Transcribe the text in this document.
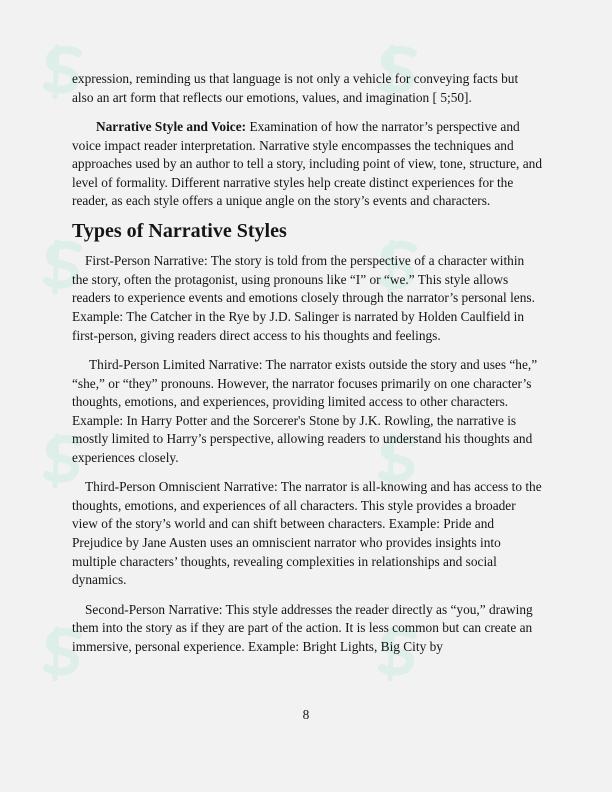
expression, reminding us that language is not only a vehicle for conveying facts but also an art form that reflects our emotions, values, and imagination [ 5;50].

Narrative Style and Voice: Examination of how the narrator’s perspective and voice impact reader interpretation. Narrative style encompasses the techniques and approaches used by an author to tell a story, including point of view, tone, structure, and level of formality. Different narrative styles help create distinct experiences for the reader, as each style offers a unique angle on the story’s events and characters.

Types of Narrative Styles

First-Person Narrative: The story is told from the perspective of a character within the story, often the protagonist, using pronouns like “I” or “we.” This style allows readers to experience events and emotions closely through the narrator’s personal lens. Example: The Catcher in the Rye by J.D. Salinger is narrated by Holden Caulfield in first-person, giving readers direct access to his thoughts and feelings.

Third-Person Limited Narrative: The narrator exists outside the story and uses “he,” “she,” or “they” pronouns. However, the narrator focuses primarily on one character’s thoughts, emotions, and experiences, providing limited access to other characters. Example: In Harry Potter and the Sorcerer's Stone by J.K. Rowling, the narrative is mostly limited to Harry’s perspective, allowing readers to understand his thoughts and experiences closely.

Third-Person Omniscient Narrative: The narrator is all-knowing and has access to the thoughts, emotions, and experiences of all characters. This style provides a broader view of the story’s world and can shift between characters. Example: Pride and Prejudice by Jane Austen uses an omniscient narrator who provides insights into multiple characters’ thoughts, revealing complexities in relationships and social dynamics.

Second-Person Narrative: This style addresses the reader directly as “you,” drawing them into the story as if they are part of the action. It is less common but can create an immersive, personal experience. Example: Bright Lights, Big City by

8
